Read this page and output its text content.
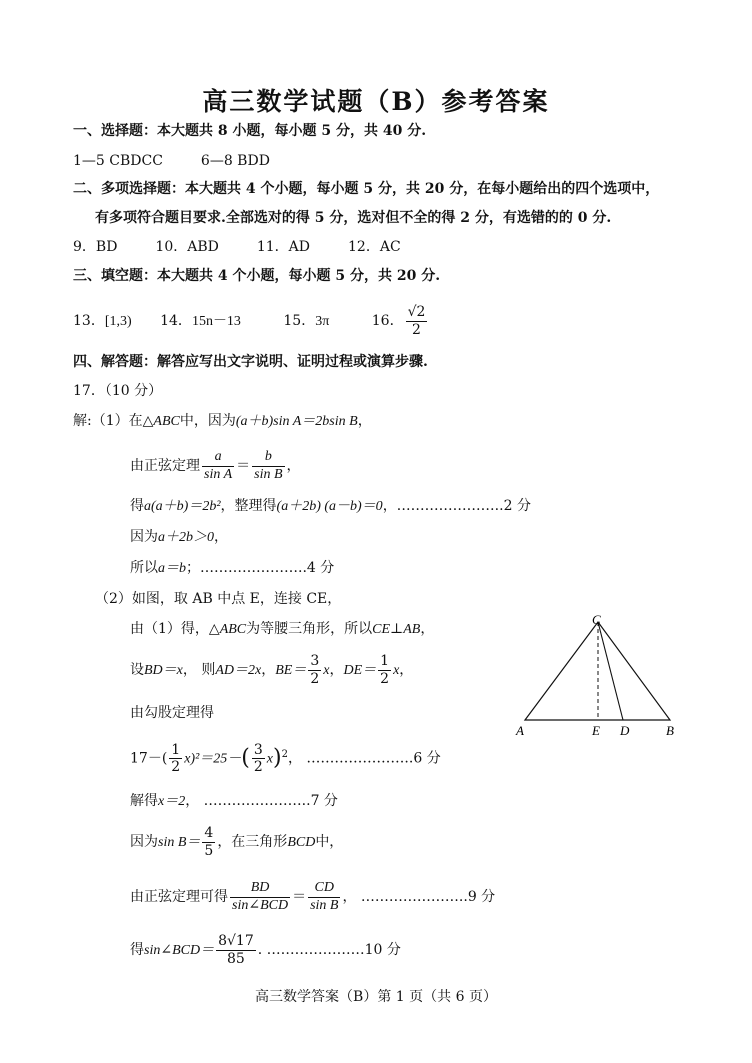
高三数学试题（B）参考答案
一、选择题：本大题共 8 小题，每小题 5 分，共 40 分.
1—5 CBDCC	6—8 BDD
二、多项选择题：本大题共 4 个小题，每小题 5 分，共 20 分，在每小题给出的四个选项中，
有多项符合题目要求.全部选对的得 5 分，选对但不全的得 2 分，有选错的的 0 分.
9．BD	10．ABD	11．AD	12．AC
三、填空题：本大题共 4 个小题，每小题 5 分，共 20 分.
13．[1,3) 14．15n－13	15．3π	16． $\frac{√2}{2}$
四、解答题：解答应写出文字说明、证明过程或演算步骤.
17．（10 分）
解:（1）在△ABC中，因为(a＋b)sin A＝2bsin B，
由正弦定理 $\frac{a}{\text{sin A}} = \frac{b}{\text{sin B}}$ ，
得a(a＋b)＝2b²，整理得(a＋2b) (a－b)＝0，…………………..2 分
因为a＋2b＞0，
所以a＝b；…………………..4 分
（2）如图，取 AB 中点 E，连接 CE，
由（1）得，△ABC为等腰三角形，所以CE⊥AB，
设BD＝x， 则AD＝2x，$BE= \frac{3}{2}$ x，$DE= \frac{1}{2}$ x，
由勾股定理得
$17-( \frac{1}{2} x)^2=25-( \frac{3}{2} x)^2$， …………………..6 分
解得x＝2， …………………..7 分
因为$\sin B= \frac{4}{5}$ ，在三角形BCD中，
由正弦定理可得 $\frac{BD}{\text{sin∠BCD}} = \frac{CD}{\text{sin B}}$ ， …………………..9 分
得sin∠BCD＝ $\frac{8√17}{85}$ . …………………10 分
C
A	E D	B
高三数学答案（B）第 1 页（共 6 页）
